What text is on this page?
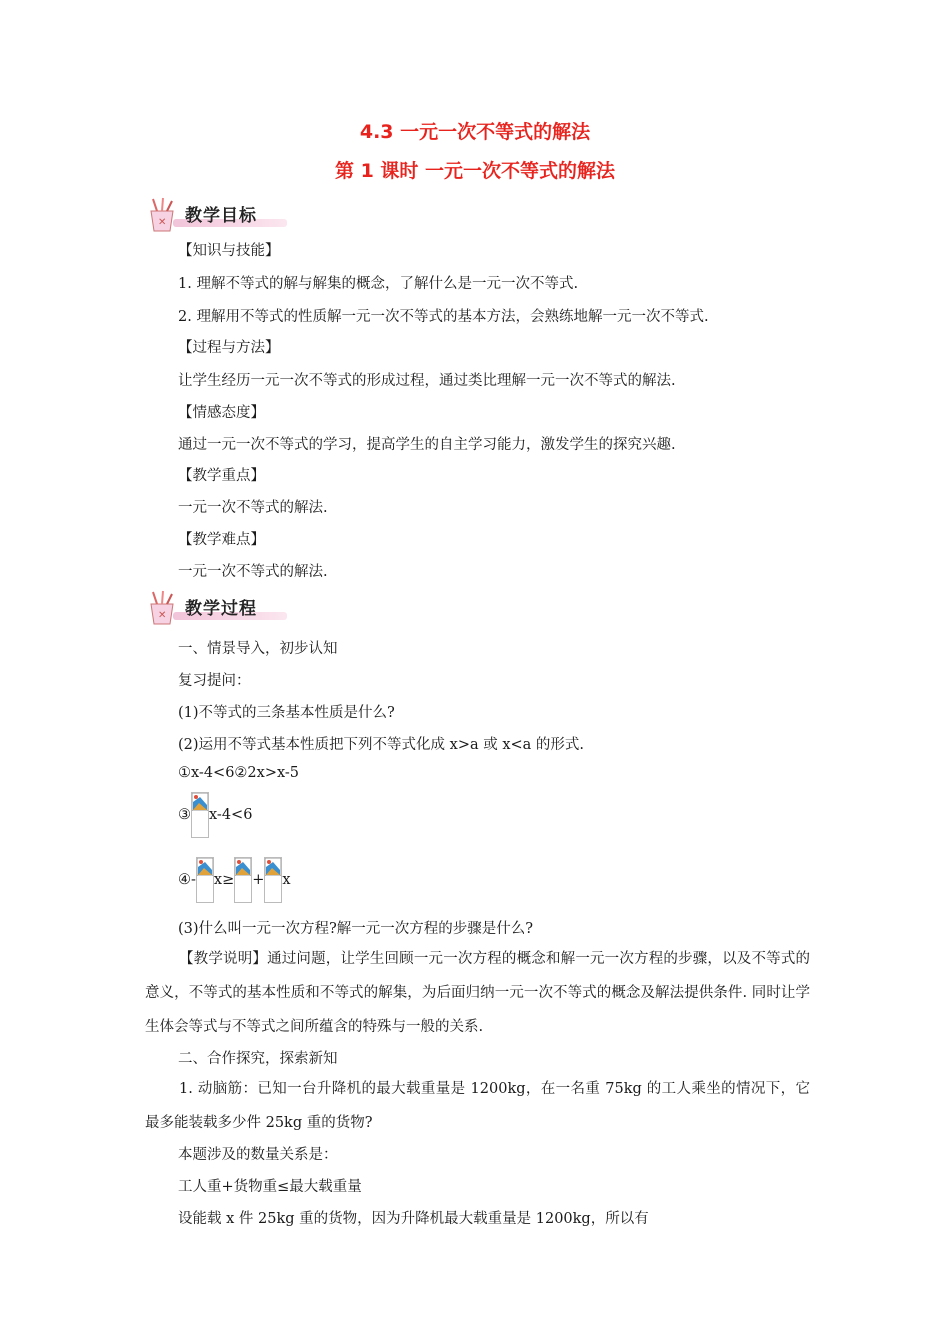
4.3 一元一次不等式的解法
第 1 课时 一元一次不等式的解法
✕ 教学目标
【知识与技能】
1. 理解不等式的解与解集的概念，了解什么是一元一次不等式.
2. 理解用不等式的性质解一元一次不等式的基本方法，会熟练地解一元一次不等式.
【过程与方法】
让学生经历一元一次不等式的形成过程，通过类比理解一元一次不等式的解法.
【情感态度】
通过一元一次不等式的学习，提高学生的自主学习能力，激发学生的探究兴趣.
【教学重点】
一元一次不等式的解法.
【教学难点】
一元一次不等式的解法.
✕ 教学过程
一、情景导入，初步认知
复习提问：
(1)不等式的三条基本性质是什么?
(2)运用不等式基本性质把下列不等式化成 x>a 或 x<a 的形式.
①x-4<6②2x>x-5
③ x-4<6
④- x≥ + x
(3)什么叫一元一次方程?解一元一次方程的步骤是什么?
【教学说明】通过问题，让学生回顾一元一次方程的概念和解一元一次方程的步骤，以及不等式的意义，不等式的基本性质和不等式的解集，为后面归纳一元一次不等式的概念及解法提供条件. 同时让学生体会等式与不等式之间所蕴含的特殊与一般的关系.
二、合作探究，探索新知
1. 动脑筋：已知一台升降机的最大载重量是 1200kg，在一名重 75kg 的工人乘坐的情况下，它最多能装载多少件 25kg 重的货物?
本题涉及的数量关系是：
工人重+货物重≤最大载重量
设能载 x 件 25kg 重的货物，因为升降机最大载重量是 1200kg，所以有
